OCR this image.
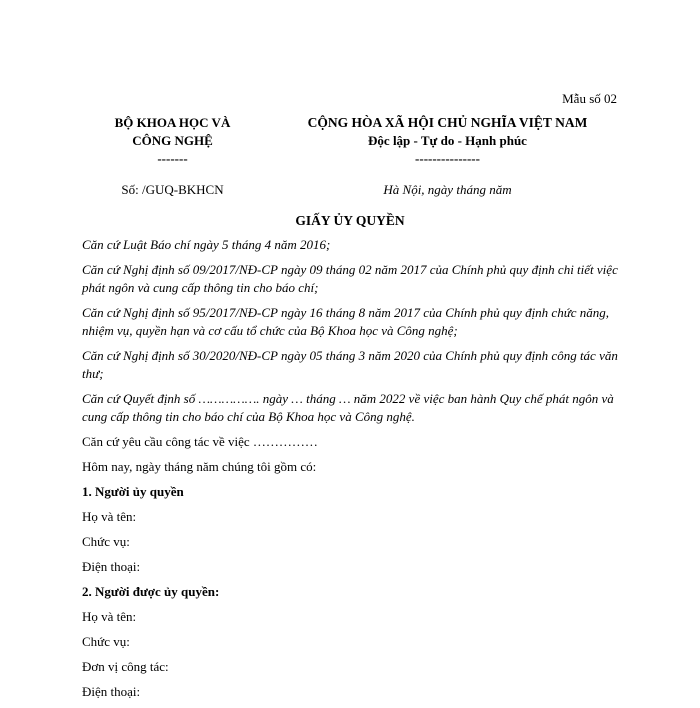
Mẫu số 02
BỘ KHOA HỌC VÀ
CÔNG NGHỆ
-------
CỘNG HÒA XÃ HỘI CHỦ NGHĨA VIỆT NAM
Độc lập - Tự do - Hạnh phúc
---------------
Số: /GUQ-BKHCN	Hà Nội, ngày tháng năm
GIẤY ỦY QUYỀN

Căn cứ Luật Báo chí ngày 5 tháng 4 năm 2016;

Căn cứ Nghị định số 09/2017/NĐ-CP ngày 09 tháng 02 năm 2017 của Chính phủ quy định chi tiết việc phát ngôn và cung cấp thông tin cho báo chí;

Căn cứ Nghị định số 95/2017/NĐ-CP ngày 16 tháng 8 năm 2017 của Chính phủ quy định chức năng, nhiệm vụ, quyền hạn và cơ cấu tổ chức của Bộ Khoa học và Công nghệ;

Căn cứ Nghị định số 30/2020/NĐ-CP ngày 05 tháng 3 năm 2020 của Chính phủ quy định công tác văn thư;

Căn cứ Quyết định số ……………. ngày … tháng … năm 2022 về việc ban hành Quy chế phát ngôn và cung cấp thông tin cho báo chí của Bộ Khoa học và Công nghệ.

Căn cứ yêu cầu công tác về việc ……………

Hôm nay, ngày tháng năm chúng tôi gồm có:

1. Người ủy quyền

Họ và tên:

Chức vụ:

Điện thoại:

2. Người được ủy quyền:

Họ và tên:

Chức vụ:

Đơn vị công tác:

Điện thoại:
